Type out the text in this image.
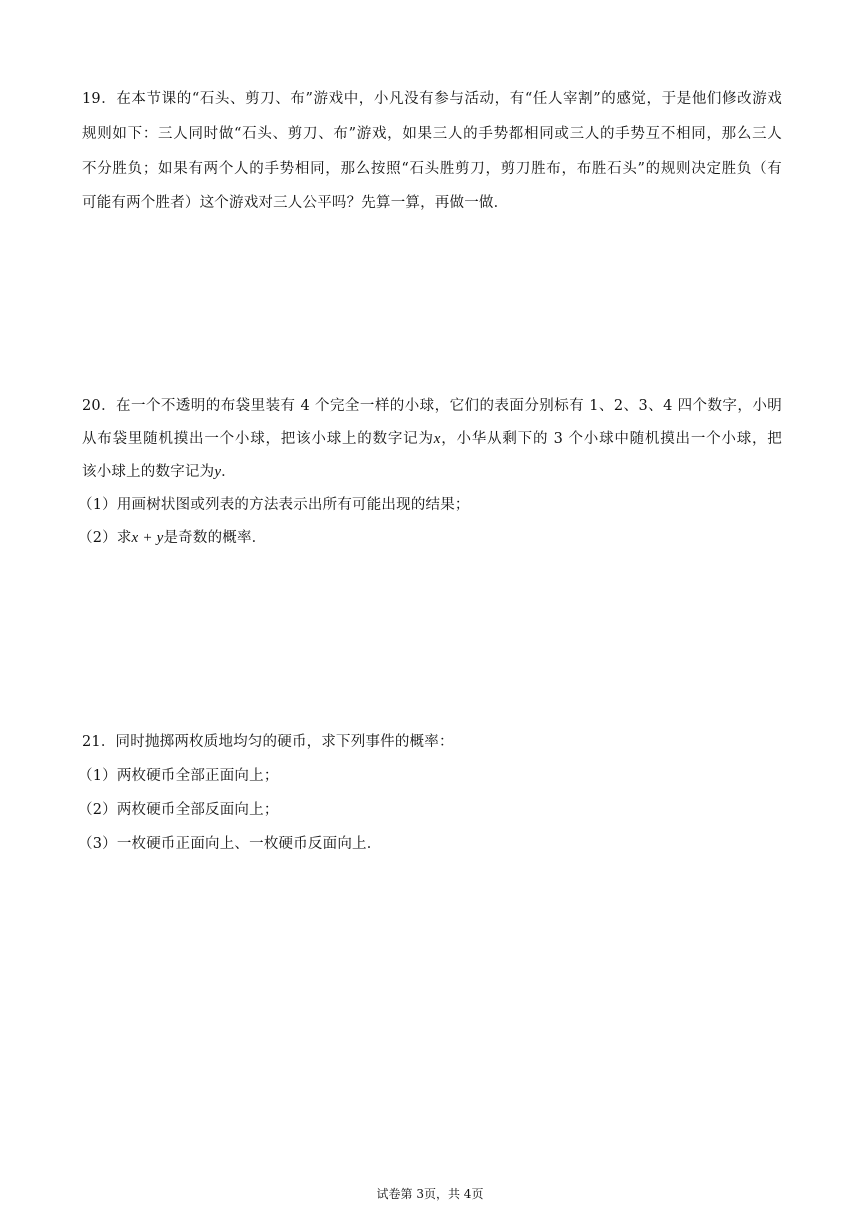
19．在本节课的“石头、剪刀、布”游戏中，小凡没有参与活动，有“任人宰割”的感觉，于是他们修改游戏
规则如下：三人同时做“石头、剪刀、布”游戏，如果三人的手势都相同或三人的手势互不相同，那么三人
不分胜负；如果有两个人的手势相同，那么按照“石头胜剪刀，剪刀胜布，布胜石头”的规则决定胜负（有
可能有两个胜者）这个游戏对三人公平吗？先算一算，再做一做．
20．在一个不透明的布袋里装有 4 个完全一样的小球，它们的表面分别标有 1、2、3、4 四个数字，小明
从布袋里随机摸出一个小球，把该小球上的数字记为x，小华从剩下的 3 个小球中随机摸出一个小球，把
该小球上的数字记为y．
（1）用画树状图或列表的方法表示出所有可能出现的结果；
（2）求x + y是奇数的概率．
21．同时抛掷两枚质地均匀的硬币，求下列事件的概率：
（1）两枚硬币全部正面向上；
（2）两枚硬币全部反面向上；
（3）一枚硬币正面向上、一枚硬币反面向上．
试卷第 3页，共 4页
